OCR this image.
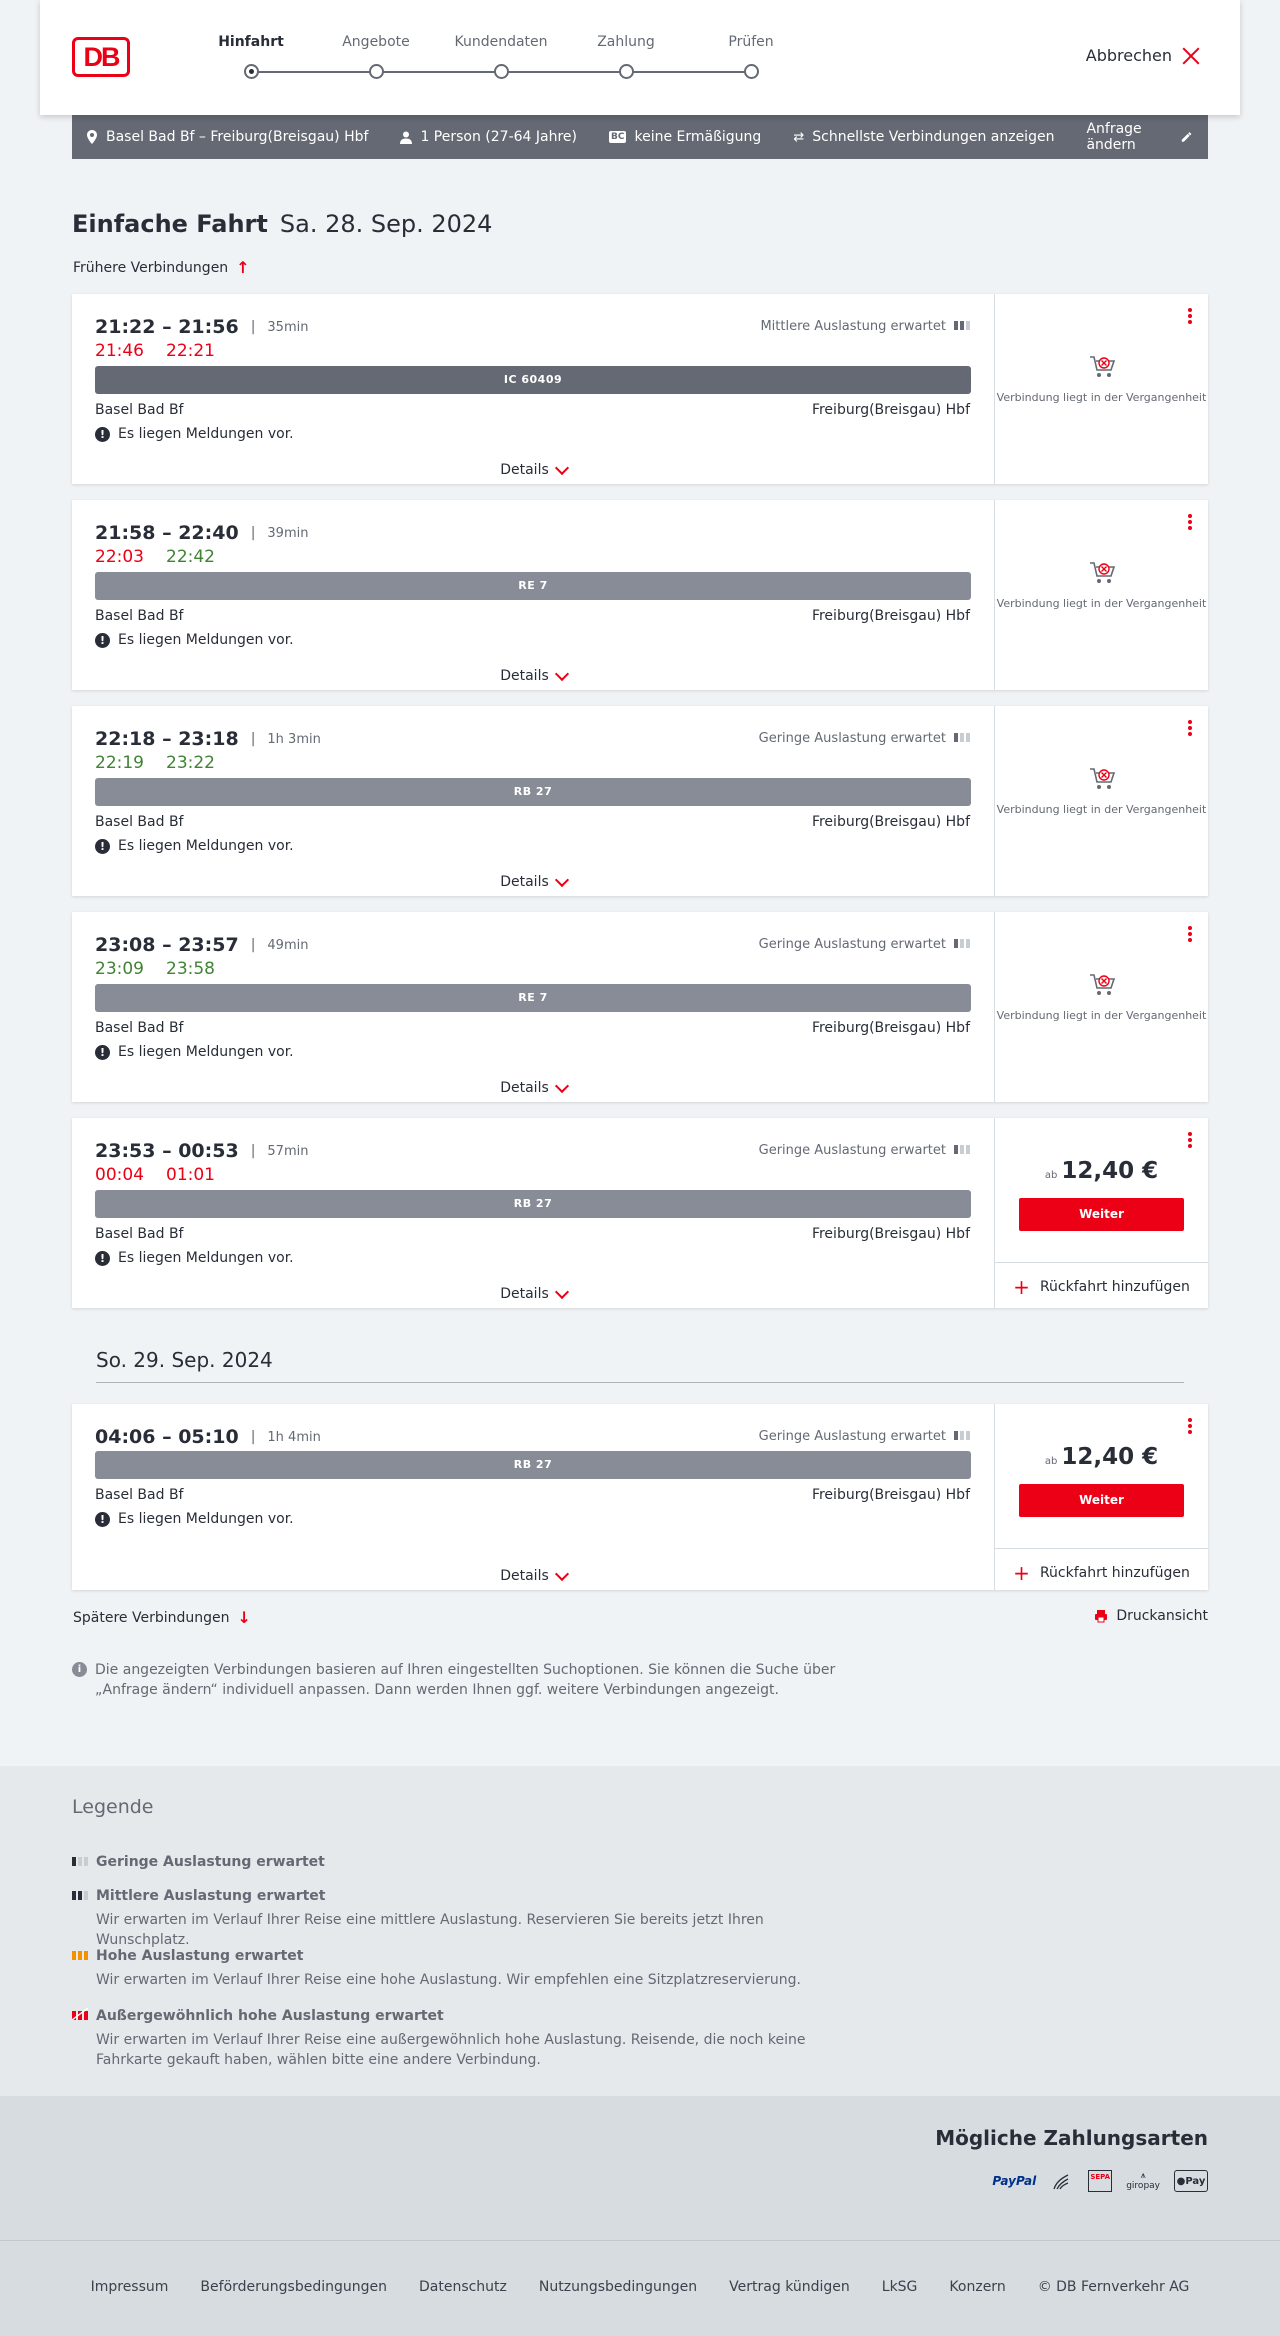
DB	Hinfahrt	Angebote	Kundendaten	Zahlung	Prüfen
Abbrechen
Basel Bad Bf – Freiburg(Breisgau) Hbf	1 Person (27-64 Jahre)	BC keine Ermäßigung ⇄ Schnellste Verbindungen anzeigen Anfrage ändern
Einfache Fahrt Sa. 28. Sep. 2024
Frühere Verbindungen ↑
21:22 – 21:56 | 35min	Mittlere Auslastung erwartet
21:46 22:21
IC 60409
Basel Bad Bf	Freiburg(Breisgau) Hbf
! Es liegen Meldungen vor.
Details
Verbindung liegt in der Vergangenheit
21:58 – 22:40 | 39min
22:03 22:42
RE 7
Basel Bad Bf	Freiburg(Breisgau) Hbf
! Es liegen Meldungen vor.
Details
Verbindung liegt in der Vergangenheit
22:18 – 23:18 | 1h 3min	Geringe Auslastung erwartet
22:19 23:22
RB 27
Basel Bad Bf	Freiburg(Breisgau) Hbf
! Es liegen Meldungen vor.
Details
Verbindung liegt in der Vergangenheit
23:08 – 23:57 | 49min	Geringe Auslastung erwartet
23:09 23:58
RE 7
Basel Bad Bf	Freiburg(Breisgau) Hbf
! Es liegen Meldungen vor.
Details
Verbindung liegt in der Vergangenheit
23:53 – 00:53 | 57min	Geringe Auslastung erwartet
00:04 01:01
RB 27
Basel Bad Bf	Freiburg(Breisgau) Hbf
! Es liegen Meldungen vor.
Details
ab 12,40 €
Weiter
+ Rückfahrt hinzufügen
04:06 – 05:10 | 1h 4min	Geringe Auslastung erwartet
RB 27
Basel Bad Bf	Freiburg(Breisgau) Hbf
! Es liegen Meldungen vor.
Details
ab 12,40 €
Weiter
+ Rückfahrt hinzufügen
So. 29. Sep. 2024
Spätere Verbindungen ↓	Druckansicht
i Die angezeigten Verbindungen basieren auf Ihren eingestellten Suchoptionen. Sie können die Suche über „Anfrage ändern“ individuell anpassen. Dann werden Ihnen ggf. weitere Verbindungen angezeigt.
Legende
Geringe Auslastung erwartet
Mittlere Auslastung erwartet
Wir erwarten im Verlauf Ihrer Reise eine mittlere Auslastung. Reservieren Sie bereits jetzt Ihren Wunschplatz.
Hohe Auslastung erwartet
Wir erwarten im Verlauf Ihrer Reise eine hohe Auslastung. Wir empfehlen eine Sitzplatzreservierung.
Außergewöhnlich hohe Auslastung erwartet
Wir erwarten im Verlauf Ihrer Reise eine außergewöhnlich hohe Auslastung. Reisende, die noch keine Fahrkarte gekauft haben, wählen bitte eine andere Verbindung.
Mögliche Zahlungsarten
PayPal	SEPA	⩚
giropay ● Pay
Impressum Beförderungsbedingungen Datenschutz Nutzungsbedingungen Vertrag kündigen LkSG Konzern © DB Fernverkehr AG
